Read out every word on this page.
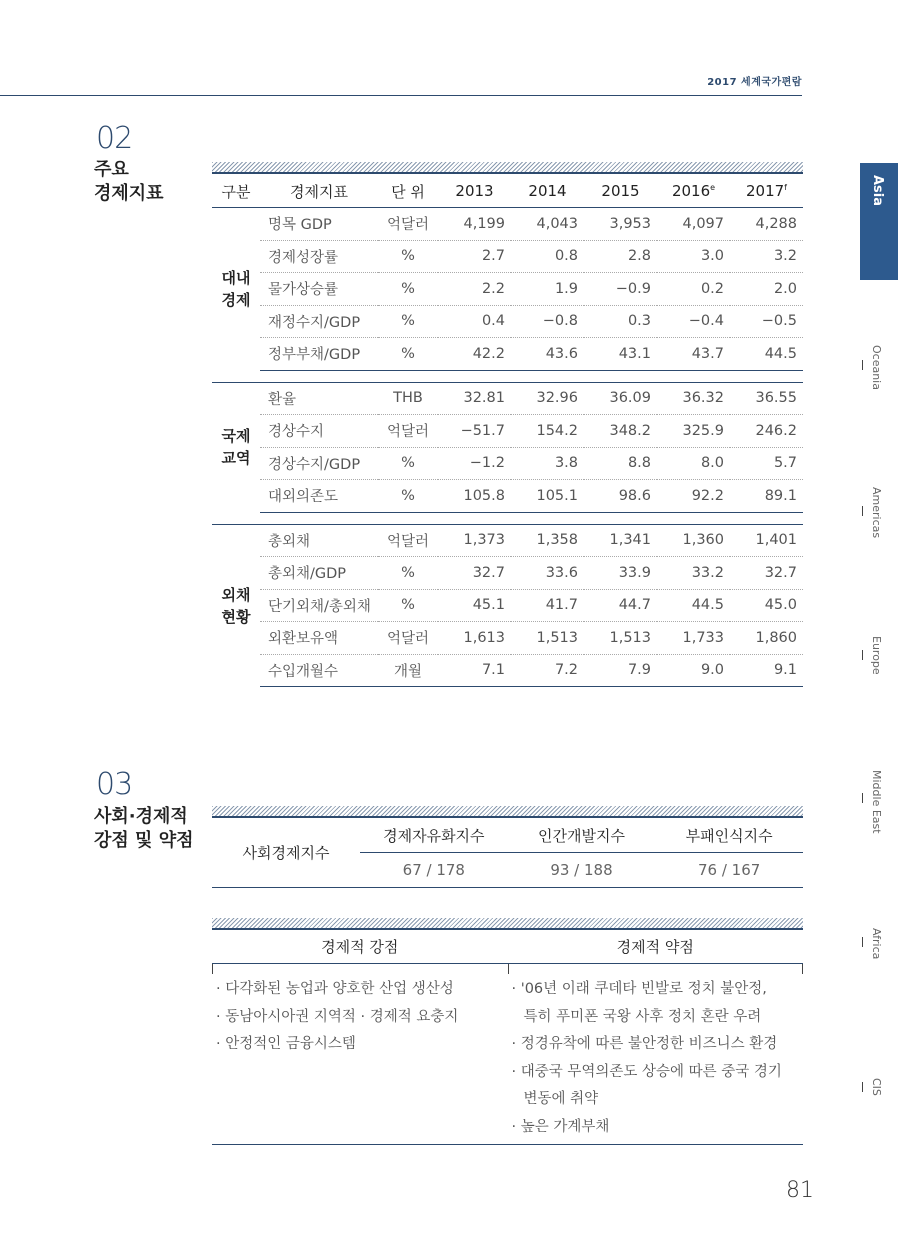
2017 세계국가편람
02
주요
경제지표	구분	경제지표	단 위	2013	2014	2015	2016e	2017$^f$

대내
경제	명목 GDP	억달러	4,199	4,043	3,953	4,097	4,288
	경제성장률	%	2.7	0.8	2.8	3.0	3.2
	물가상승률	%	2.2	1.9	−0.9	0.2	2.0
	재정수지/GDP	%	0.4	−0.8	0.3	−0.4	−0.5
	정부부채/GDP	%	42.2	43.6	43.1	43.7	44.5

국제
교역	환율	THB	32.81	32.96	36.09	36.32	36.55
	경상수지	억달러	−51.7	154.2	348.2	325.9	246.2
	경상수지/GDP	%	−1.2	3.8	8.8	8.0	5.7
	대외의존도	%	105.8	105.1	98.6	92.2	89.1

외채
현황	총외채	억달러	1,373	1,358	1,341	1,360	1,401
	총외채/GDP	%	32.7	33.6	33.9	33.2	32.7
	단기외채/총외채	%	45.1	41.7	44.7	44.5	45.0
	외환보유액	억달러	1,613	1,513	1,513	1,733	1,860
	수입개월수	개월	7.1	7.2	7.9	9.0	9.1
03
사회·경제적
강점 및 약점
사회경제지수	경제자유화지수	인간개발지수	부패인식지수
	67 / 178	93 / 188	76 / 167
경제적 강점	경제적 약점
· 다각화된 농업과 양호한 산업 생산성
· 동남아시아권 지역적 · 경제적 요충지
· 안정적인 금융시스템
· '06년 이래 쿠데타 빈발로 정치 불안정,
특히 푸미폰 국왕 사후 정치 혼란 우려
· 정경유착에 따른 불안정한 비즈니스 환경
· 대중국 무역의존도 상승에 따른 중국 경기
변동에 취약
· 높은 가계부채
Asia
Oceania
Americas
Europe
Middle East
Africa
CIS
81
